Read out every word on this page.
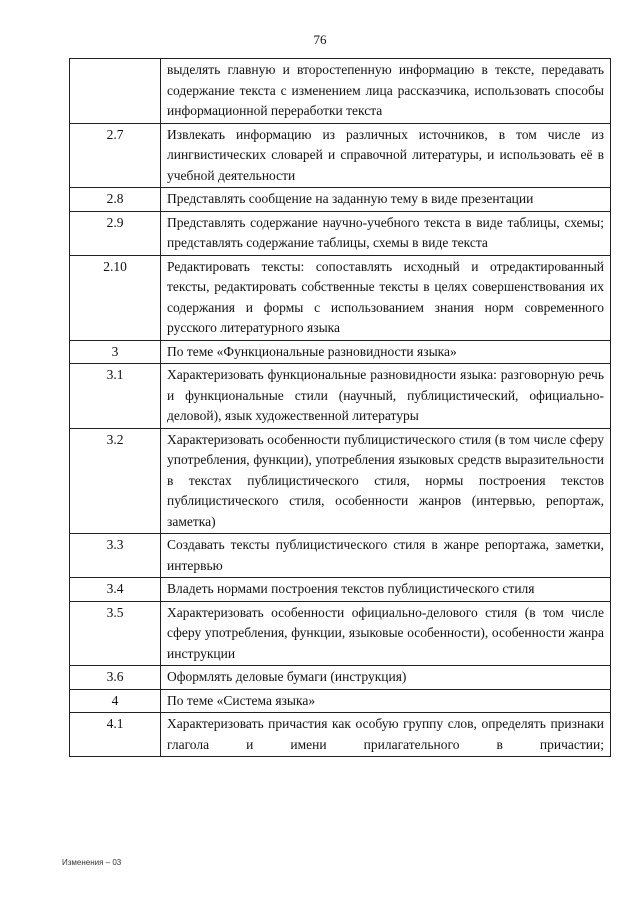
76
	выделять главную и второстепенную информацию в тексте, передавать содержание текста с изменением лица рассказчика, использовать способы информационной переработки текста
2.7	Извлекать информацию из различных источников, в том числе из лингвистических словарей и справочной литературы, и использовать её в учебной деятельности
2.8	Представлять сообщение на заданную тему в виде презентации
2.9	Представлять содержание научно-учебного текста в виде таблицы, схемы; представлять содержание таблицы, схемы в виде текста
2.10	Редактировать тексты: сопоставлять исходный и отредактированный тексты, редактировать собственные тексты в целях совершенствования их содержания и формы с использованием знания норм современного русского литературного языка
3	По теме «Функциональные разновидности языка»
3.1	Характеризовать функциональные разновидности языка: разговорную речь и функциональные стили (научный, публицистический, официально-деловой), язык художественной литературы
3.2	Характеризовать особенности публицистического стиля (в том числе сферу употребления, функции), употребления языковых средств выразительности в текстах публицистического стиля, нормы построения текстов публицистического стиля, особенности жанров (интервью, репортаж, заметка)
3.3	Создавать тексты публицистического стиля в жанре репортажа, заметки, интервью
3.4	Владеть нормами построения текстов публицистического стиля
3.5	Характеризовать особенности официально-делового стиля (в том числе сферу употребления, функции, языковые особенности), особенности жанра инструкции
3.6	Оформлять деловые бумаги (инструкция)
4	По теме «Система языка»
4.1	Характеризовать причастия как особую группу слов, определять признаки глагола и имени прилагательного в причастии;
Изменения – 03
